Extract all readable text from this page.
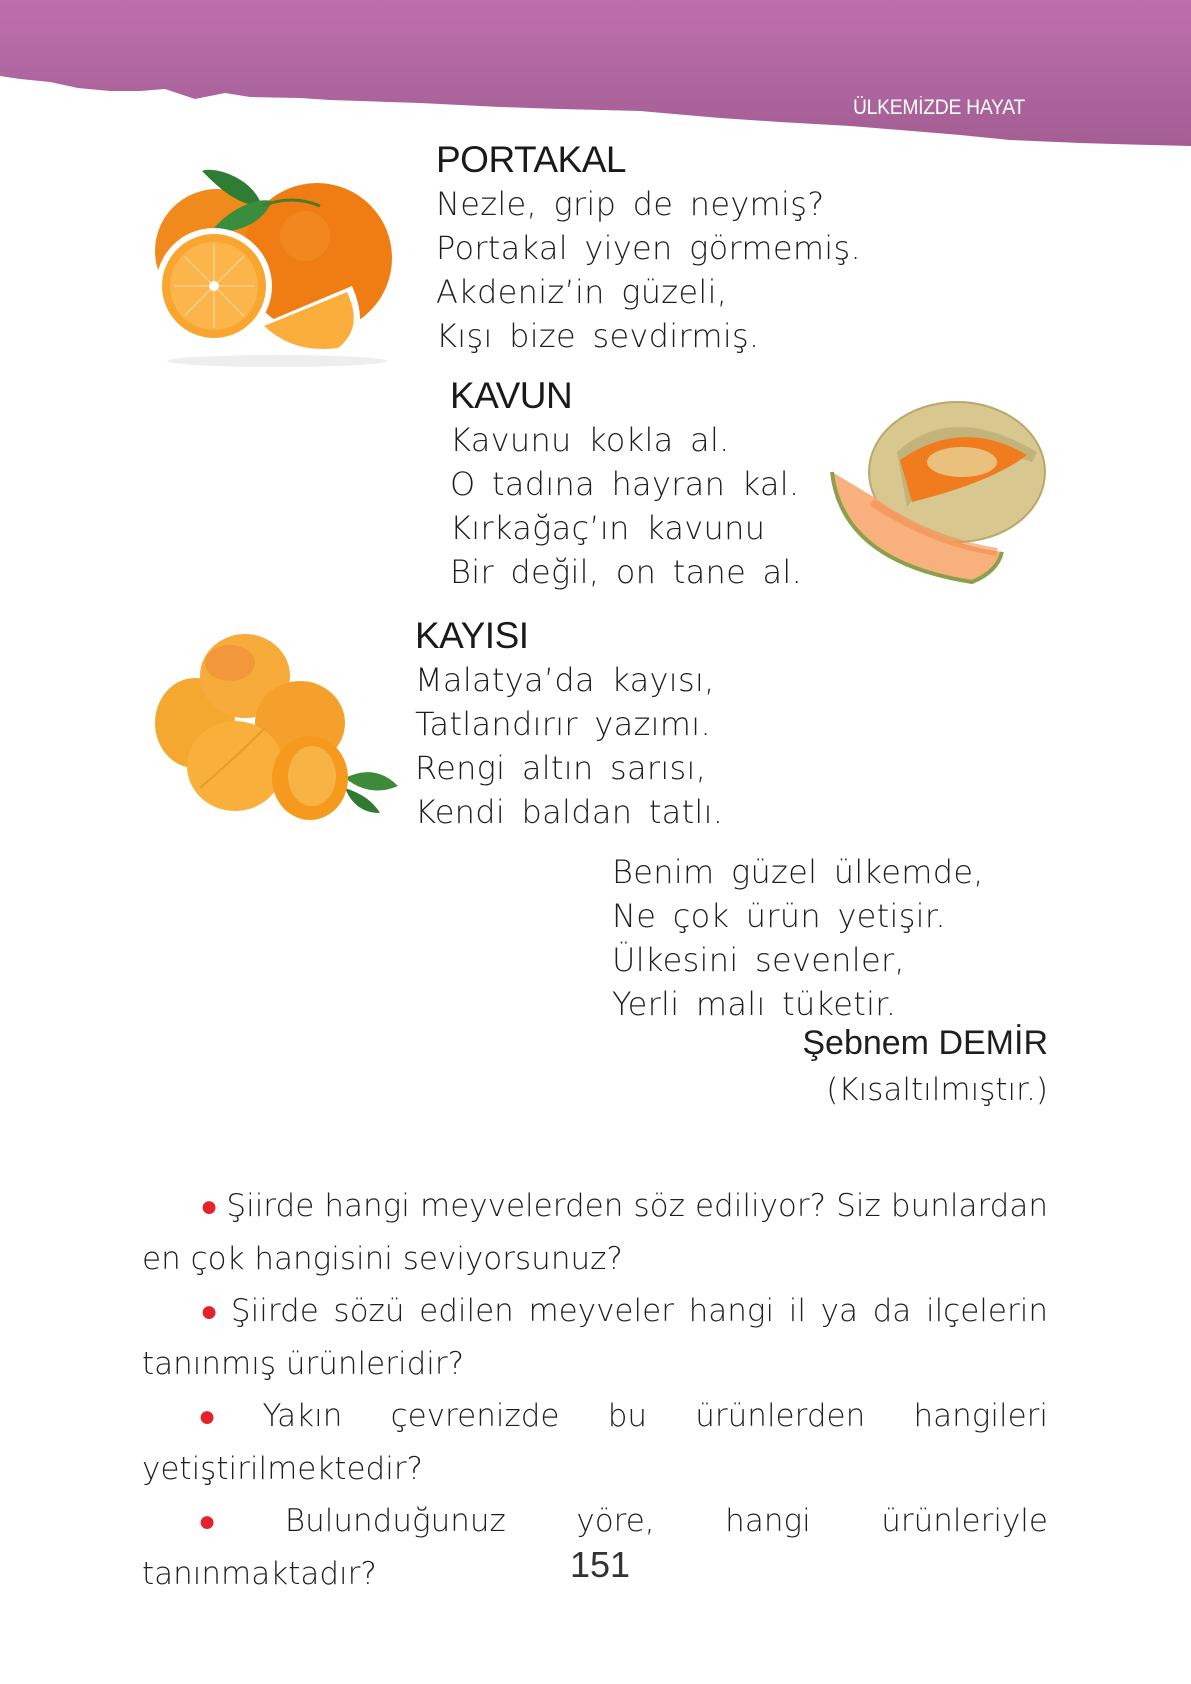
ÜLKEMİZDE HAYAT
PORTAKAL
Nezle, grip de neymiş?
Portakal yiyen görmemiş.
Akdeniz’in güzeli,
Kışı bize sevdirmiş.
KAVUN
Kavunu kokla al.
O tadına hayran kal.
Kırkağaç’ın kavunu
Bir değil, on tane al.
KAYISI
Malatya’da kayısı,
Tatlandırır yazımı.
Rengi altın sarısı,
Kendi baldan tatlı.
Benim güzel ülkemde,
Ne çok ürün yetişir.
Ülkesini sevenler,
Yerli malı tüketir.
Şebnem DEMİR
(Kısaltılmıştır.)

● Şiirde hangi meyvelerden söz ediliyor? Siz bunlardan en çok hangisini seviyorsunuz?

● Şiirde sözü edilen meyveler hangi il ya da ilçelerin tanınmış ürünleridir?

● Yakın çevrenizde bu ürünlerden hangileri yetiştirilmektedir?

● Bulunduğunuz yöre, hangi ürünleriyle tanınmaktadır?	151
